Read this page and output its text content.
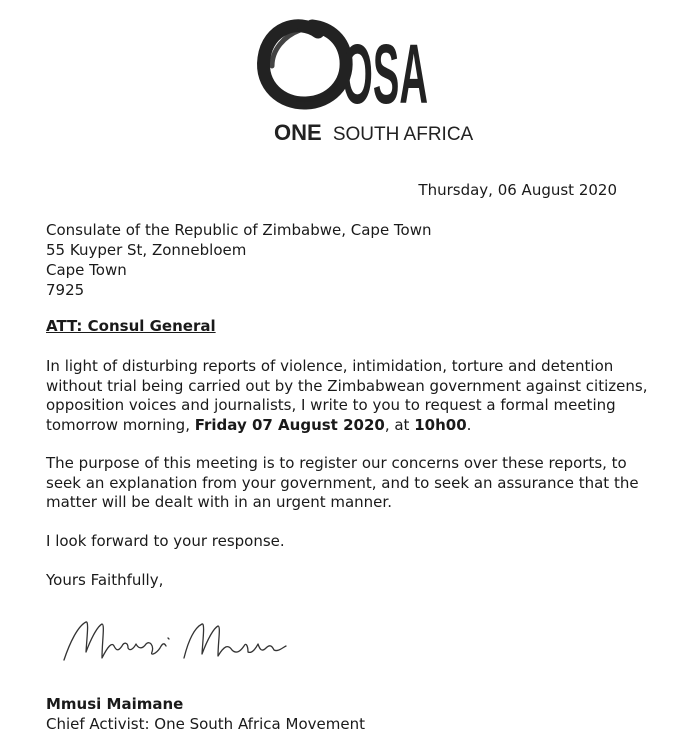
OSA
ONE SOUTH AFRICA
Thursday, 06 August 2020
Consulate of the Republic of Zimbabwe, Cape Town
55 Kuyper St, Zonnebloem
Cape Town
7925
ATT: Consul General

In light of disturbing reports of violence, intimidation, torture and detention without trial being carried out by the Zimbabwean government against citizens, opposition voices and journalists, I write to you to request a formal meeting tomorrow morning, Friday 07 August 2020, at 10h00.

The purpose of this meeting is to register our concerns over these reports, to seek an explanation from your government, and to seek an assurance that the matter will be dealt with in an urgent manner.

I look forward to your response.

Yours Faithfully,

Mmusi Maimane
Chief Activist: One South Africa Movement
